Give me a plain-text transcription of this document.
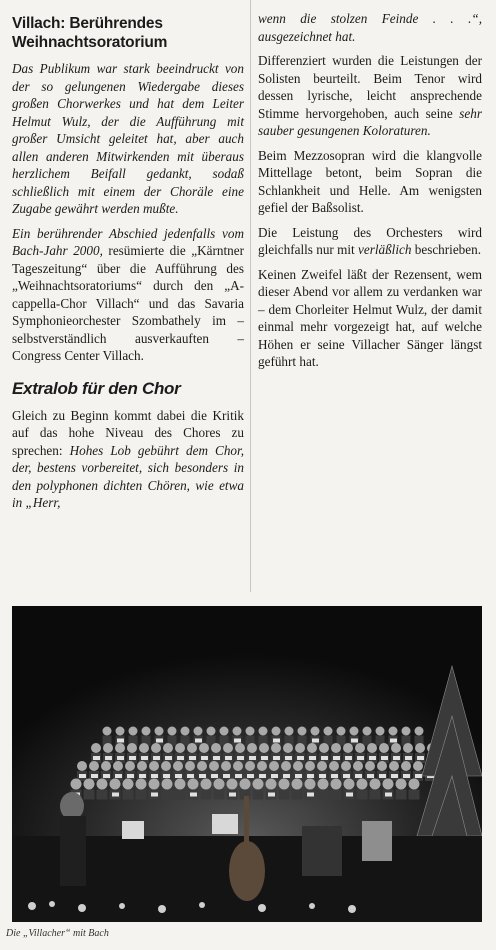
Villach: Berührendes
Weihnachtsoratorium

Das Publikum war stark beeindruckt von der so gelungenen Wiedergabe dieses großen Chorwerkes und hat dem Leiter Helmut Wulz, der die Aufführung mit großer Umsicht geleitet hat, aber auch allen anderen Mitwirkenden mit überaus herzlichem Beifall gedankt, sodaß schließlich mit einem der Choräle eine Zugabe gewährt werden mußte.

Ein berührender Abschied jedenfalls vom Bach-Jahr 2000, resümierte die „Kärntner Tageszeitung“ über die Aufführung des „Weihnachtsoratoriums“ durch den „A-cappella-Chor Villach“ und das Savaria Symphonieorchester Szombathely im – selbstverständlich ausverkauften – Congress Center Villach.

Extralob für den Chor

Gleich zu Beginn kommt dabei die Kritik auf das hohe Niveau des Chores zu sprechen: Hohes Lob gebührt dem Chor, der, bestens vorbereitet, sich besonders in den polyphonen dichten Chören, wie etwa in „Herr,

wenn die stolzen Feinde . . .“, ausgezeichnet hat.

Differenziert wurden die Leistungen der Solisten beurteilt. Beim Tenor wird dessen lyrische, leicht ansprechende Stimme hervorgehoben, auch seine sehr sauber gesungenen Koloraturen.

Beim Mezzosopran wird die klangvolle Mittellage betont, beim Sopran die Schlankheit und Helle. Am wenigsten gefiel der Baßsolist.

Die Leistung des Orchesters wird gleichfalls nur mit verläßlich beschrieben.

Keinen Zweifel läßt der Rezensent, wem dieser Abend vor allem zu verdanken war – dem Chorleiter Helmut Wulz, der damit einmal mehr vorgezeigt hat, auf welche Höhen er seine Villacher Sänger längst geführt hat.

Die „Villacher“ mit Bach
